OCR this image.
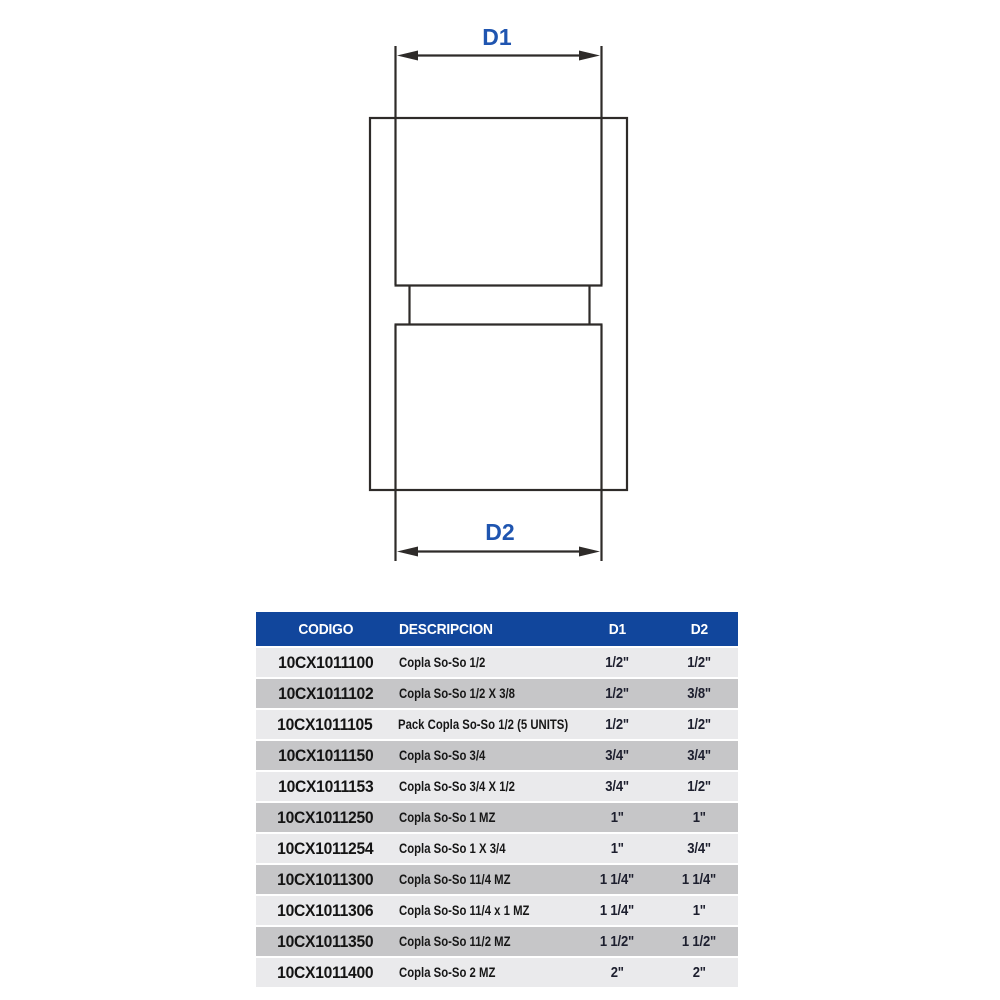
D1
D2
CODIGO	DESCRIPCION	D1	D2
10CX1011100	Copla So-So 1/2	1/2"	1/2"
10CX1011102	Copla So-So 1/2 X 3/8	1/2"	3/8"
10CX1011105	Pack Copla So-So 1/2 (5 UNITS)	1/2"	1/2"
10CX1011150	Copla So-So 3/4	3/4"	3/4"
10CX1011153	Copla So-So 3/4 X 1/2	3/4"	1/2"
10CX1011250	Copla So-So 1 MZ	1"	1"
10CX1011254	Copla So-So 1 X 3/4	1"	3/4"
10CX1011300	Copla So-So 11/4 MZ	1 1/4"	1 1/4"
10CX1011306	Copla So-So 11/4 x 1 MZ	1 1/4"	1"
10CX1011350	Copla So-So 11/2 MZ	1 1/2"	1 1/2"
10CX1011400	Copla So-So 2 MZ	2"	2"
